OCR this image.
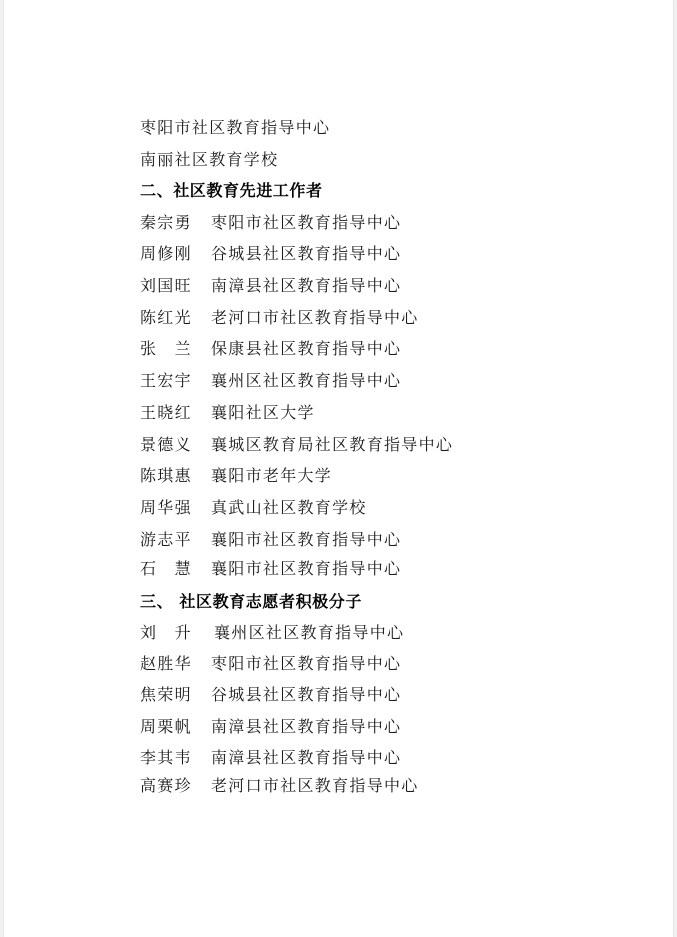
枣阳市社区教育指导中心
南丽社区教育学校
二、社区教育先进工作者
秦宗勇 枣阳市社区教育指导中心
周修刚 谷城县社区教育指导中心
刘国旺 南漳县社区教育指导中心
陈红光 老河口市社区教育指导中心
张　兰 保康县社区教育指导中心
王宏宇 襄州区社区教育指导中心
王晓红 襄阳社区大学
景德义 襄城区教育局社区教育指导中心
陈琪惠 襄阳市老年大学
周华强 真武山社区教育学校
游志平 襄阳市社区教育指导中心
石　慧 襄阳市社区教育指导中心
三、 社区教育志愿者积极分子
刘　升 襄州区社区教育指导中心
赵胜华 枣阳市社区教育指导中心
焦荣明 谷城县社区教育指导中心
周栗帆 南漳县社区教育指导中心
李其韦 南漳县社区教育指导中心
高赛珍 老河口市社区教育指导中心
